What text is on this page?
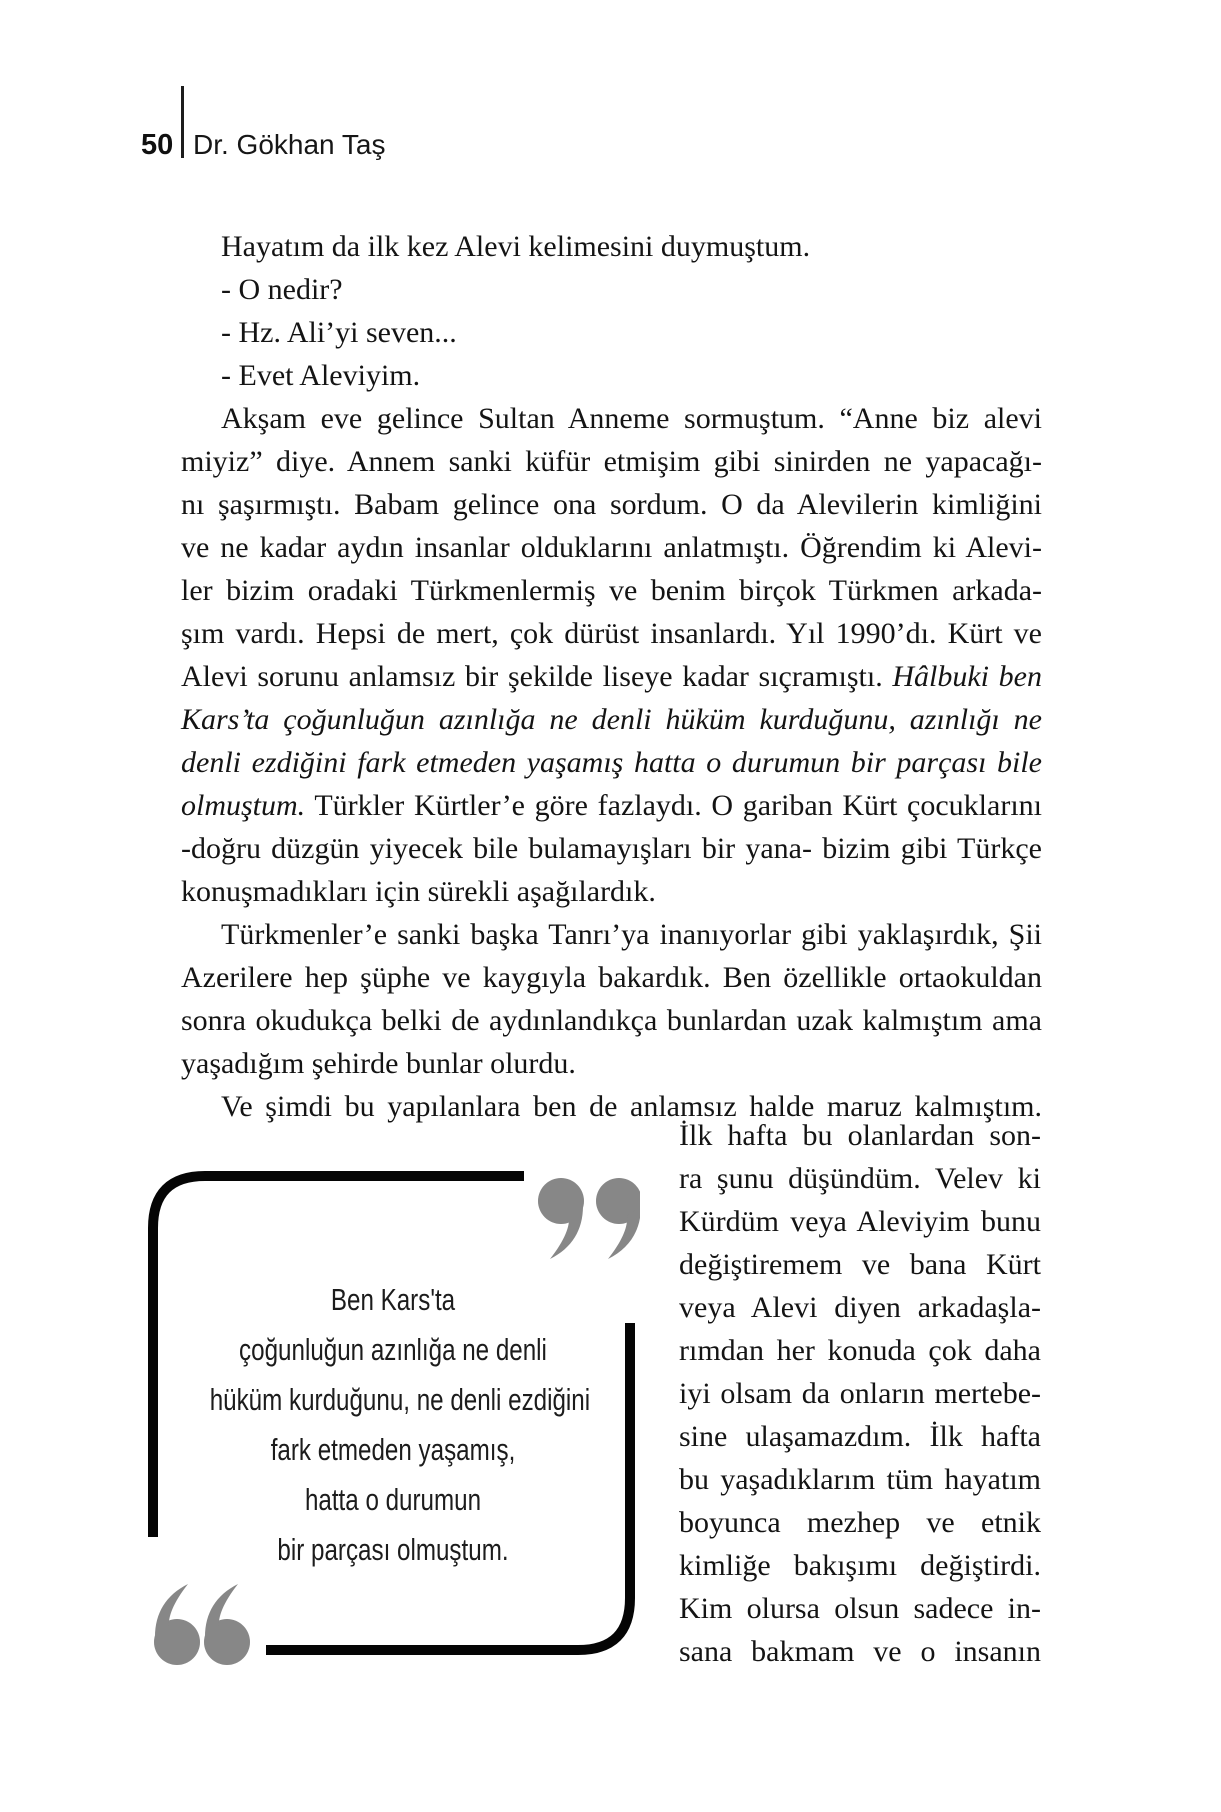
50 Dr. Gökhan Taş
Hayatım da ilk kez Alevi kelimesini duymuştum.
- O nedir?
- Hz. Ali’yi seven...
- Evet Aleviyim.
Akşam eve gelince Sultan Anneme sormuştum. “Anne biz alevi
miyiz” diye. Annem sanki küfür etmişim gibi sinirden ne yapacağı-
nı şaşırmıştı. Babam gelince ona sordum. O da Alevilerin kimliğini
ve ne kadar aydın insanlar olduklarını anlatmıştı. Öğrendim ki Alevi-
ler bizim oradaki Türkmenlermiş ve benim birçok Türkmen arkada-
şım vardı. Hepsi de mert, çok dürüst insanlardı. Yıl 1990’dı. Kürt ve
Alevi sorunu anlamsız bir şekilde liseye kadar sıçramıştı. Hâlbuki ben
Kars’ta çoğunluğun azınlığa ne denli hüküm kurduğunu, azınlığı ne
denli ezdiğini fark etmeden yaşamış hatta o durumun bir parçası bile
olmuştum. Türkler Kürtler’e göre fazlaydı. O gariban Kürt çocuklarını
-doğru düzgün yiyecek bile bulamayışları bir yana- bizim gibi Türkçe
konuşmadıkları için sürekli aşağılardık.
Türkmenler’e sanki başka Tanrı’ya inanıyorlar gibi yaklaşırdık, Şii
Azerilere hep şüphe ve kaygıyla bakardık. Ben özellikle ortaokuldan
sonra okudukça belki de aydınlandıkça bunlardan uzak kalmıştım ama
yaşadığım şehirde bunlar olurdu.
Ve şimdi bu yapılanlara ben de anlamsız halde maruz kalmıştım.
Ben Kars'ta
çoğunluğun azınlığa ne denli
hüküm kurduğunu, ne denli ezdiğini
fark etmeden yaşamış,
hatta o durumun
bir parçası olmuştum.
İlk hafta bu olanlardan son-
ra şunu düşündüm. Velev ki
Kürdüm veya Aleviyim bunu
değiştiremem ve bana Kürt
veya Alevi diyen arkadaşla-
rımdan her konuda çok daha
iyi olsam da onların mertebe-
sine ulaşamazdım. İlk hafta
bu yaşadıklarım tüm hayatım
boyunca mezhep ve etnik
kimliğe bakışımı değiştirdi.
Kim olursa olsun sadece in-
sana bakmam ve o insanın
